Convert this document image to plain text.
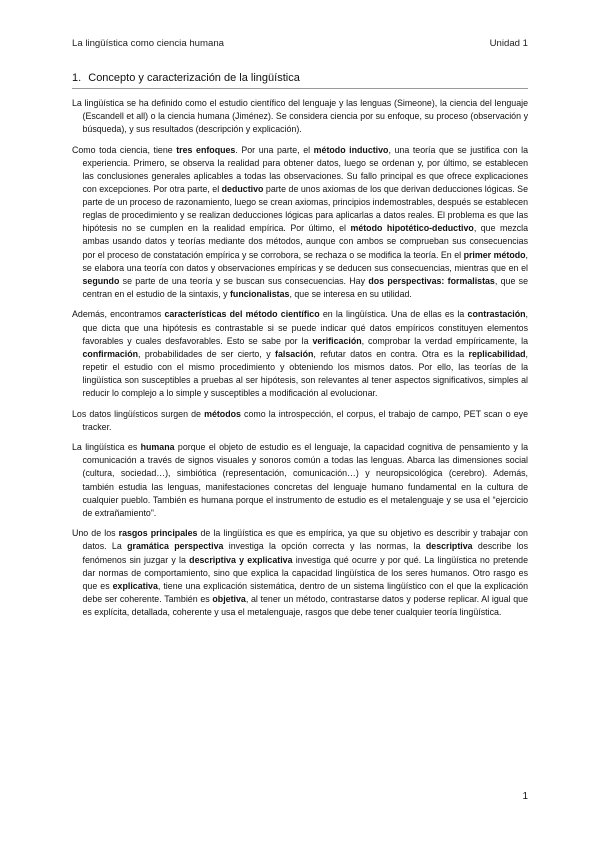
La lingüística como ciencia humana	Unidad 1
1. Concepto y caracterización de la lingüística

La lingüística se ha definido como el estudio científico del lenguaje y las lenguas (Simeone), la ciencia del lenguaje (Escandell et all) o la ciencia humana (Jiménez). Se considera ciencia por su enfoque, su proceso (observación y búsqueda), y sus resultados (descripción y explicación).

Como toda ciencia, tiene tres enfoques. Por una parte, el método inductivo, una teoría que se justifica con la experiencia. Primero, se observa la realidad para obtener datos, luego se ordenan y, por último, se establecen las conclusiones generales aplicables a todas las observaciones. Su fallo principal es que ofrece explicaciones con excepciones. Por otra parte, el deductivo parte de unos axiomas de los que derivan deducciones lógicas. Se parte de un proceso de razonamiento, luego se crean axiomas, principios indemostrables, después se establecen reglas de procedimiento y se realizan deducciones lógicas para aplicarlas a datos reales. El problema es que las hipótesis no se cumplen en la realidad empírica. Por último, el método hipotético-deductivo, que mezcla ambas usando datos y teorías mediante dos métodos, aunque con ambos se comprueban sus consecuencias por el proceso de constatación empírica y se corrobora, se rechaza o se modifica la teoría. En el primer método, se elabora una teoría con datos y observaciones empíricas y se deducen sus consecuencias, mientras que en el segundo se parte de una teoría y se buscan sus consecuencias. Hay dos perspectivas: formalistas, que se centran en el estudio de la sintaxis, y funcionalistas, que se interesa en su utilidad.

Además, encontramos características del método científico en la lingüística. Una de ellas es la contrastación, que dicta que una hipótesis es contrastable si se puede indicar qué datos empíricos constituyen elementos favorables y cuales desfavorables. Esto se sabe por la verificación, comprobar la verdad empíricamente, la confirmación, probabilidades de ser cierto, y falsación, refutar datos en contra. Otra es la replicabilidad, repetir el estudio con el mismo procedimiento y obteniendo los mismos datos. Por ello, las teorías de la lingüística son susceptibles a pruebas al ser hipótesis, son relevantes al tener aspectos significativos, simples al reducir lo complejo a lo simple y susceptibles a modificación al evolucionar.

Los datos lingüísticos surgen de métodos como la introspección, el corpus, el trabajo de campo, PET scan o eye tracker.

La lingüística es humana porque el objeto de estudio es el lenguaje, la capacidad cognitiva de pensamiento y la comunicación a través de signos visuales y sonoros común a todas las lenguas. Abarca las dimensiones social (cultura, sociedad…), simbiótica (representación, comunicación…) y neuropsicológica (cerebro). Además, también estudia las lenguas, manifestaciones concretas del lenguaje humano fundamental en la cultura de cualquier pueblo. También es humana porque el instrumento de estudio es el metalenguaje y se usa el “ejercicio de extrañamiento”.

Uno de los rasgos principales de la lingüística es que es empírica, ya que su objetivo es describir y trabajar con datos. La gramática perspectiva investiga la opción correcta y las normas, la descriptiva describe los fenómenos sin juzgar y la descriptiva y explicativa investiga qué ocurre y por qué. La lingüística no pretende dar normas de comportamiento, sino que explica la capacidad lingüística de los seres humanos. Otro rasgo es que es explicativa, tiene una explicación sistemática, dentro de un sistema lingüístico con el que la explicación debe ser coherente. También es objetiva, al tener un método, contrastarse datos y poderse replicar. Al igual que es explícita, detallada, coherente y usa el metalenguaje, rasgos que debe tener cualquier teoría lingüística.

1
